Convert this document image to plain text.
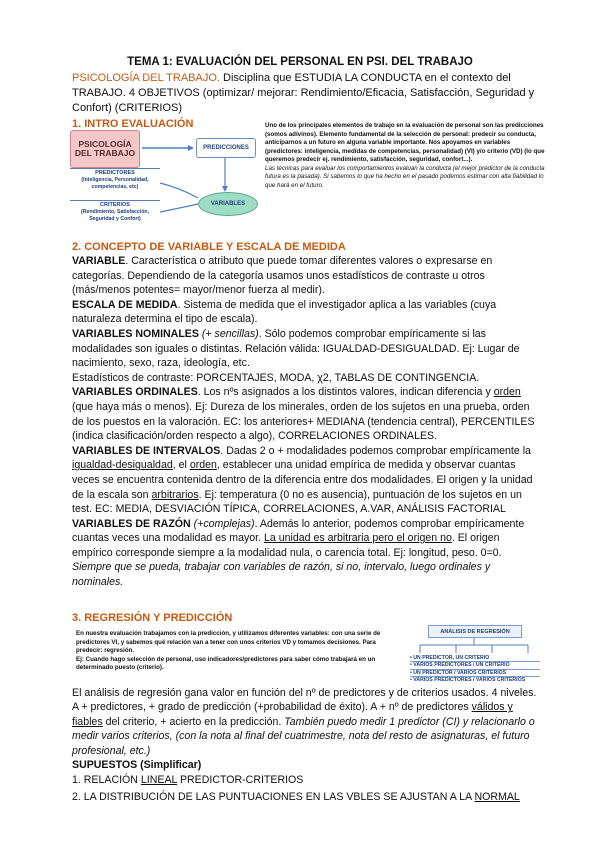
TEMA 1: EVALUACIÓN DEL PERSONAL EN PSI. DEL TRABAJO
PSICOLOGÍA DEL TRABAJO. Disciplina que ESTUDIA LA CONDUCTA en el contexto del TRABAJO. 4 OBJETIVOS (optimizar/ mejorar: Rendimiento/Eficacia, Satisfacción, Seguridad y Confort) (CRITERIOS)
1. INTRO EVALUACIÓN
PSICOLOGÍA DEL TRABAJO	PREDICCIONES
PREDICTORES
(Inteligencia, Personalidad, competencias, etc)
CRITERIOS
(Rendimiento, Satisfacción, Seguridad y Confort)
VARIABLES
Uno de los principales elementos de trabajo en la evaluación de personal son las predicciones (somos adivinos). Elemento fundamental de la selección de personal: predecir su conducta, anticiparnos a un futuro en alguna variable importante. Nos apoyamos en variables (predictores: inteligencia, medidas de competencias, personalidad) (VI) y/o criterio (VD) (lo que queremos predecir ej. rendimiento, satisfacción, seguridad, confort...).
Las técnicas para evaluar los comportamientos evaluan la conducta (el mejor predictor de la conducta futura es la pasada). Si sabemos lo que ha hecho en el pasado podemos estimar con alta fiabilidad lo que hará en el futuro.
2. CONCEPTO DE VARIABLE Y ESCALA DE MEDIDA

VARIABLE. Característica o atributo que puede tomar diferentes valores o expresarse en categorías. Dependiendo de la categoría usamos unos estadísticos de contraste u otros (más/menos potentes= mayor/menor fuerza al medir).

ESCALA DE MEDIDA. Sistema de medida que el investigador aplica a las variables (cuya naturaleza determina el tipo de escala).

VARIABLES NOMINALES (+ sencillas). Sólo podemos comprobar empíricamente si las modalidades son iguales o distintas. Relación válida: IGUALDAD-DESIGUALDAD. Ej: Lugar de nacimiento, sexo, raza, ideología, etc.

Estadísticos de contraste: PORCENTAJES, MODA, χ2, TABLAS DE CONTINGENCIA.

VARIABLES ORDINALES. Los nºs asignados a los distintos valores, indican diferencia y orden (que haya más o menos). Ej: Dureza de los minerales, orden de los sujetos en una prueba, orden de los puestos en la valoración. EC: los anteriores+ MEDIANA (tendencia central), PERCENTILES (indica clasificación/orden respecto a algo), CORRELACIONES ORDINALES.

VARIABLES DE INTERVALOS. Dadas 2 o + modalidades podemos comprobar empíricamente la igualdad-desigualdad, el orden, establecer una unidad empírica de medida y observar cuantas veces se encuentra contenida dentro de la diferencia entre dos modalidades. El origen y la unidad de la escala son arbitrarios. Ej: temperatura (0 no es ausencia), puntuación de los sujetos en un test. EC: MEDIA, DESVIACIÓN TÍPICA, CORRELACIONES, A.VAR, ANÁLISIS FACTORIAL

VARIABLES DE RAZÓN (+complejas). Además lo anterior, podemos comprobar empíricamente cuantas veces una modalidad es mayor. La unidad es arbitraria pero el origen no. El origen empírico corresponde siempre a la modalidad nula, o carencia total. Ej: longitud, peso. 0=0.

Siempre que se pueda, trabajar con variables de razón, si no, intervalo, luego ordinales y nominales.

3. REGRESIÓN Y PREDICCIÓN
En nuestra evaluación trabajamos con la predicción, y utilizamos diferentes variables: con una serie de predictores VI, y sabemos qué relación van a tener con unos criterios VD y tomamos decisiones. Para predecir: regresión.
Ej: Cuando hago selección de personal, uso indicadores/predictores para saber cómo trabajará en un determinado puesto (criterio).
ANÁLISIS DE REGRESIÓN
• UN PREDICTOR, UN CRITERIO
• VARIOS PREDICTORES / UN CRITERIO
• UN PREDICTOR / VARIOS CRITERIOS
• VARIOS PREDICTORES / VARIOS CRITERIOS
El análisis de regresión gana valor en función del nº de predictores y de criterios usados. 4 niveles. A + predictores, + grado de predicción (+probabilidad de éxito). A + nº de predictores válidos y fiables del criterio, + acierto en la predicción. También puedo medir 1 predictor (CI) y relacionarlo o medir varios criterios, (con la nota al final del cuatrimestre, nota del resto de asignaturas, el futuro profesional, etc.)
SUPUESTOS (Simplificar)
1. RELACIÓN LINEAL PREDICTOR-CRITERIOS
2. LA DISTRIBUCIÓN DE LAS PUNTUACIONES EN LAS VBLES SE AJUSTAN A LA NORMAL
